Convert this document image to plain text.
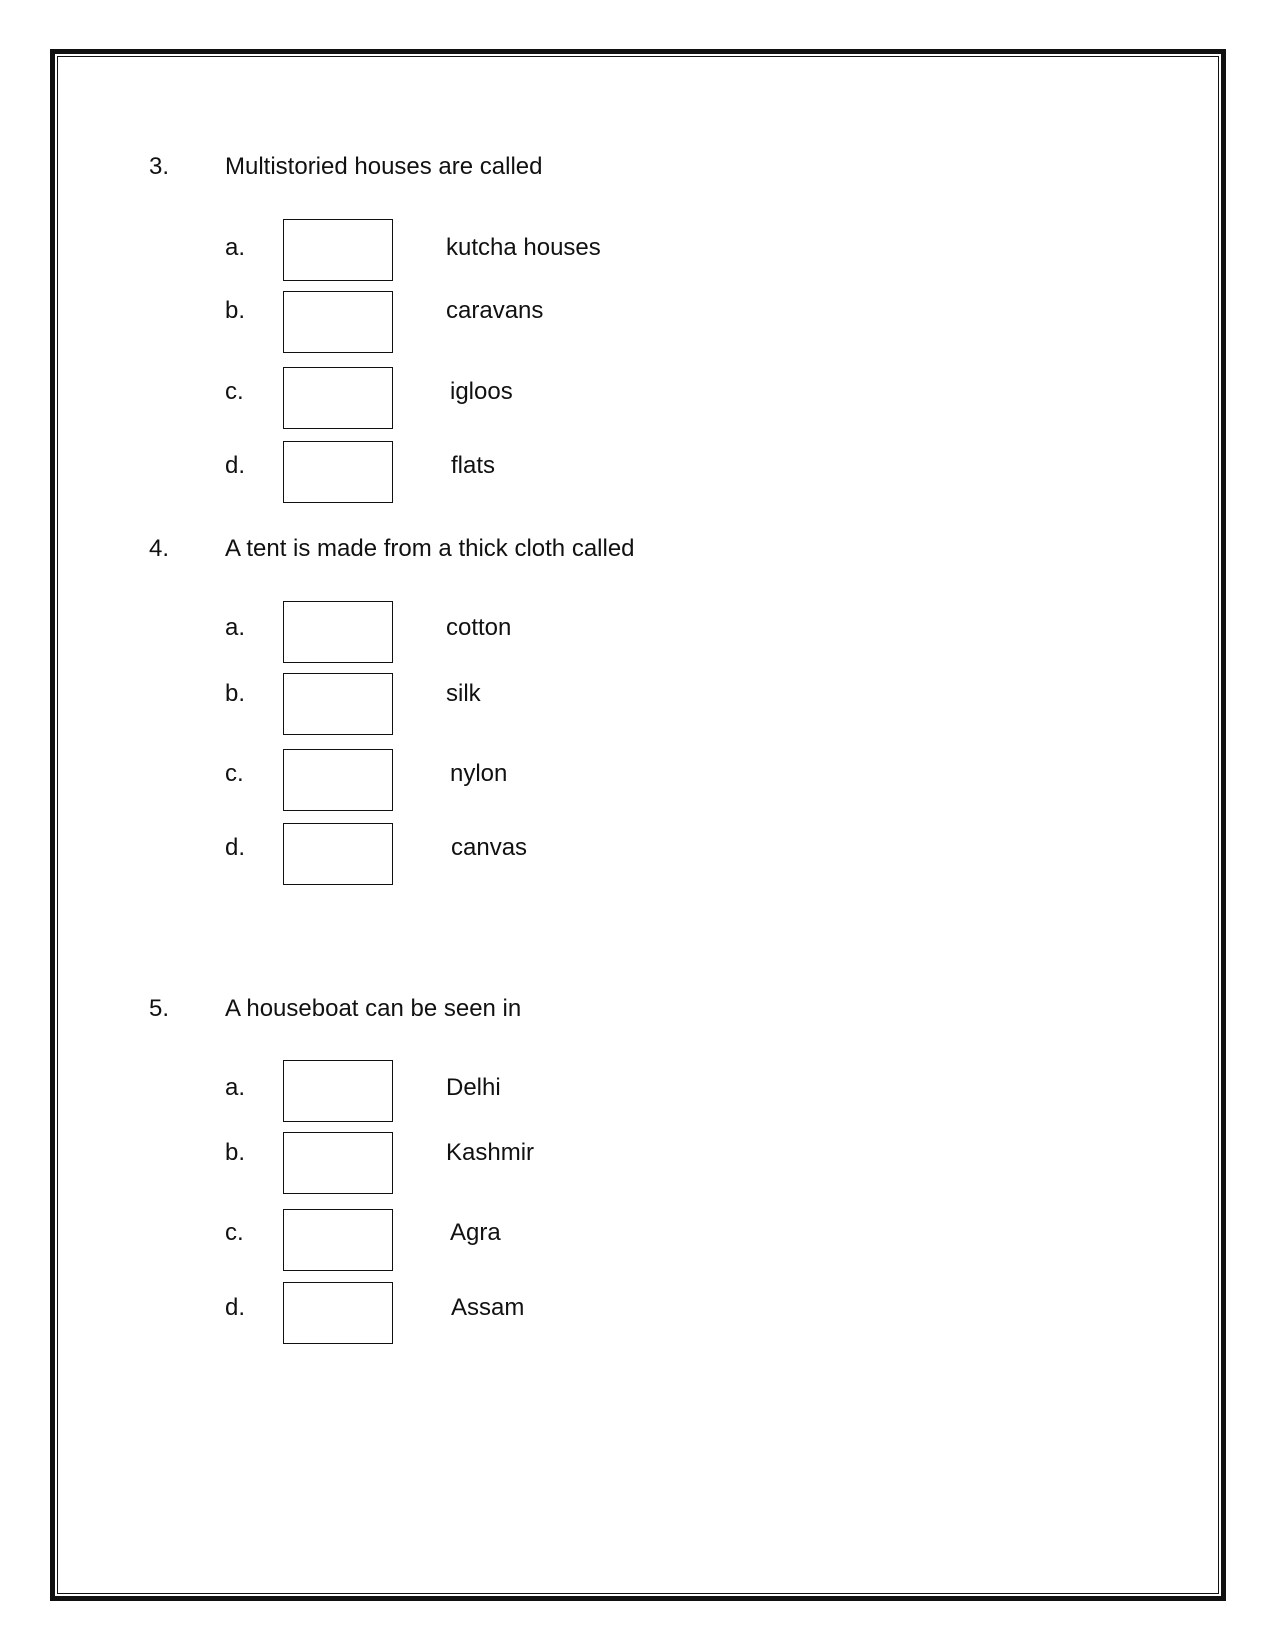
3. Multistoried houses are called
a.	kutcha houses
b.	caravans
c.	igloos
d.	flats
4. A tent is made from a thick cloth called
a.	cotton
b.	silk
c.	nylon
d.	canvas
5. A houseboat can be seen in
a.	Delhi
b.	Kashmir
c.	Agra
d.	Assam
